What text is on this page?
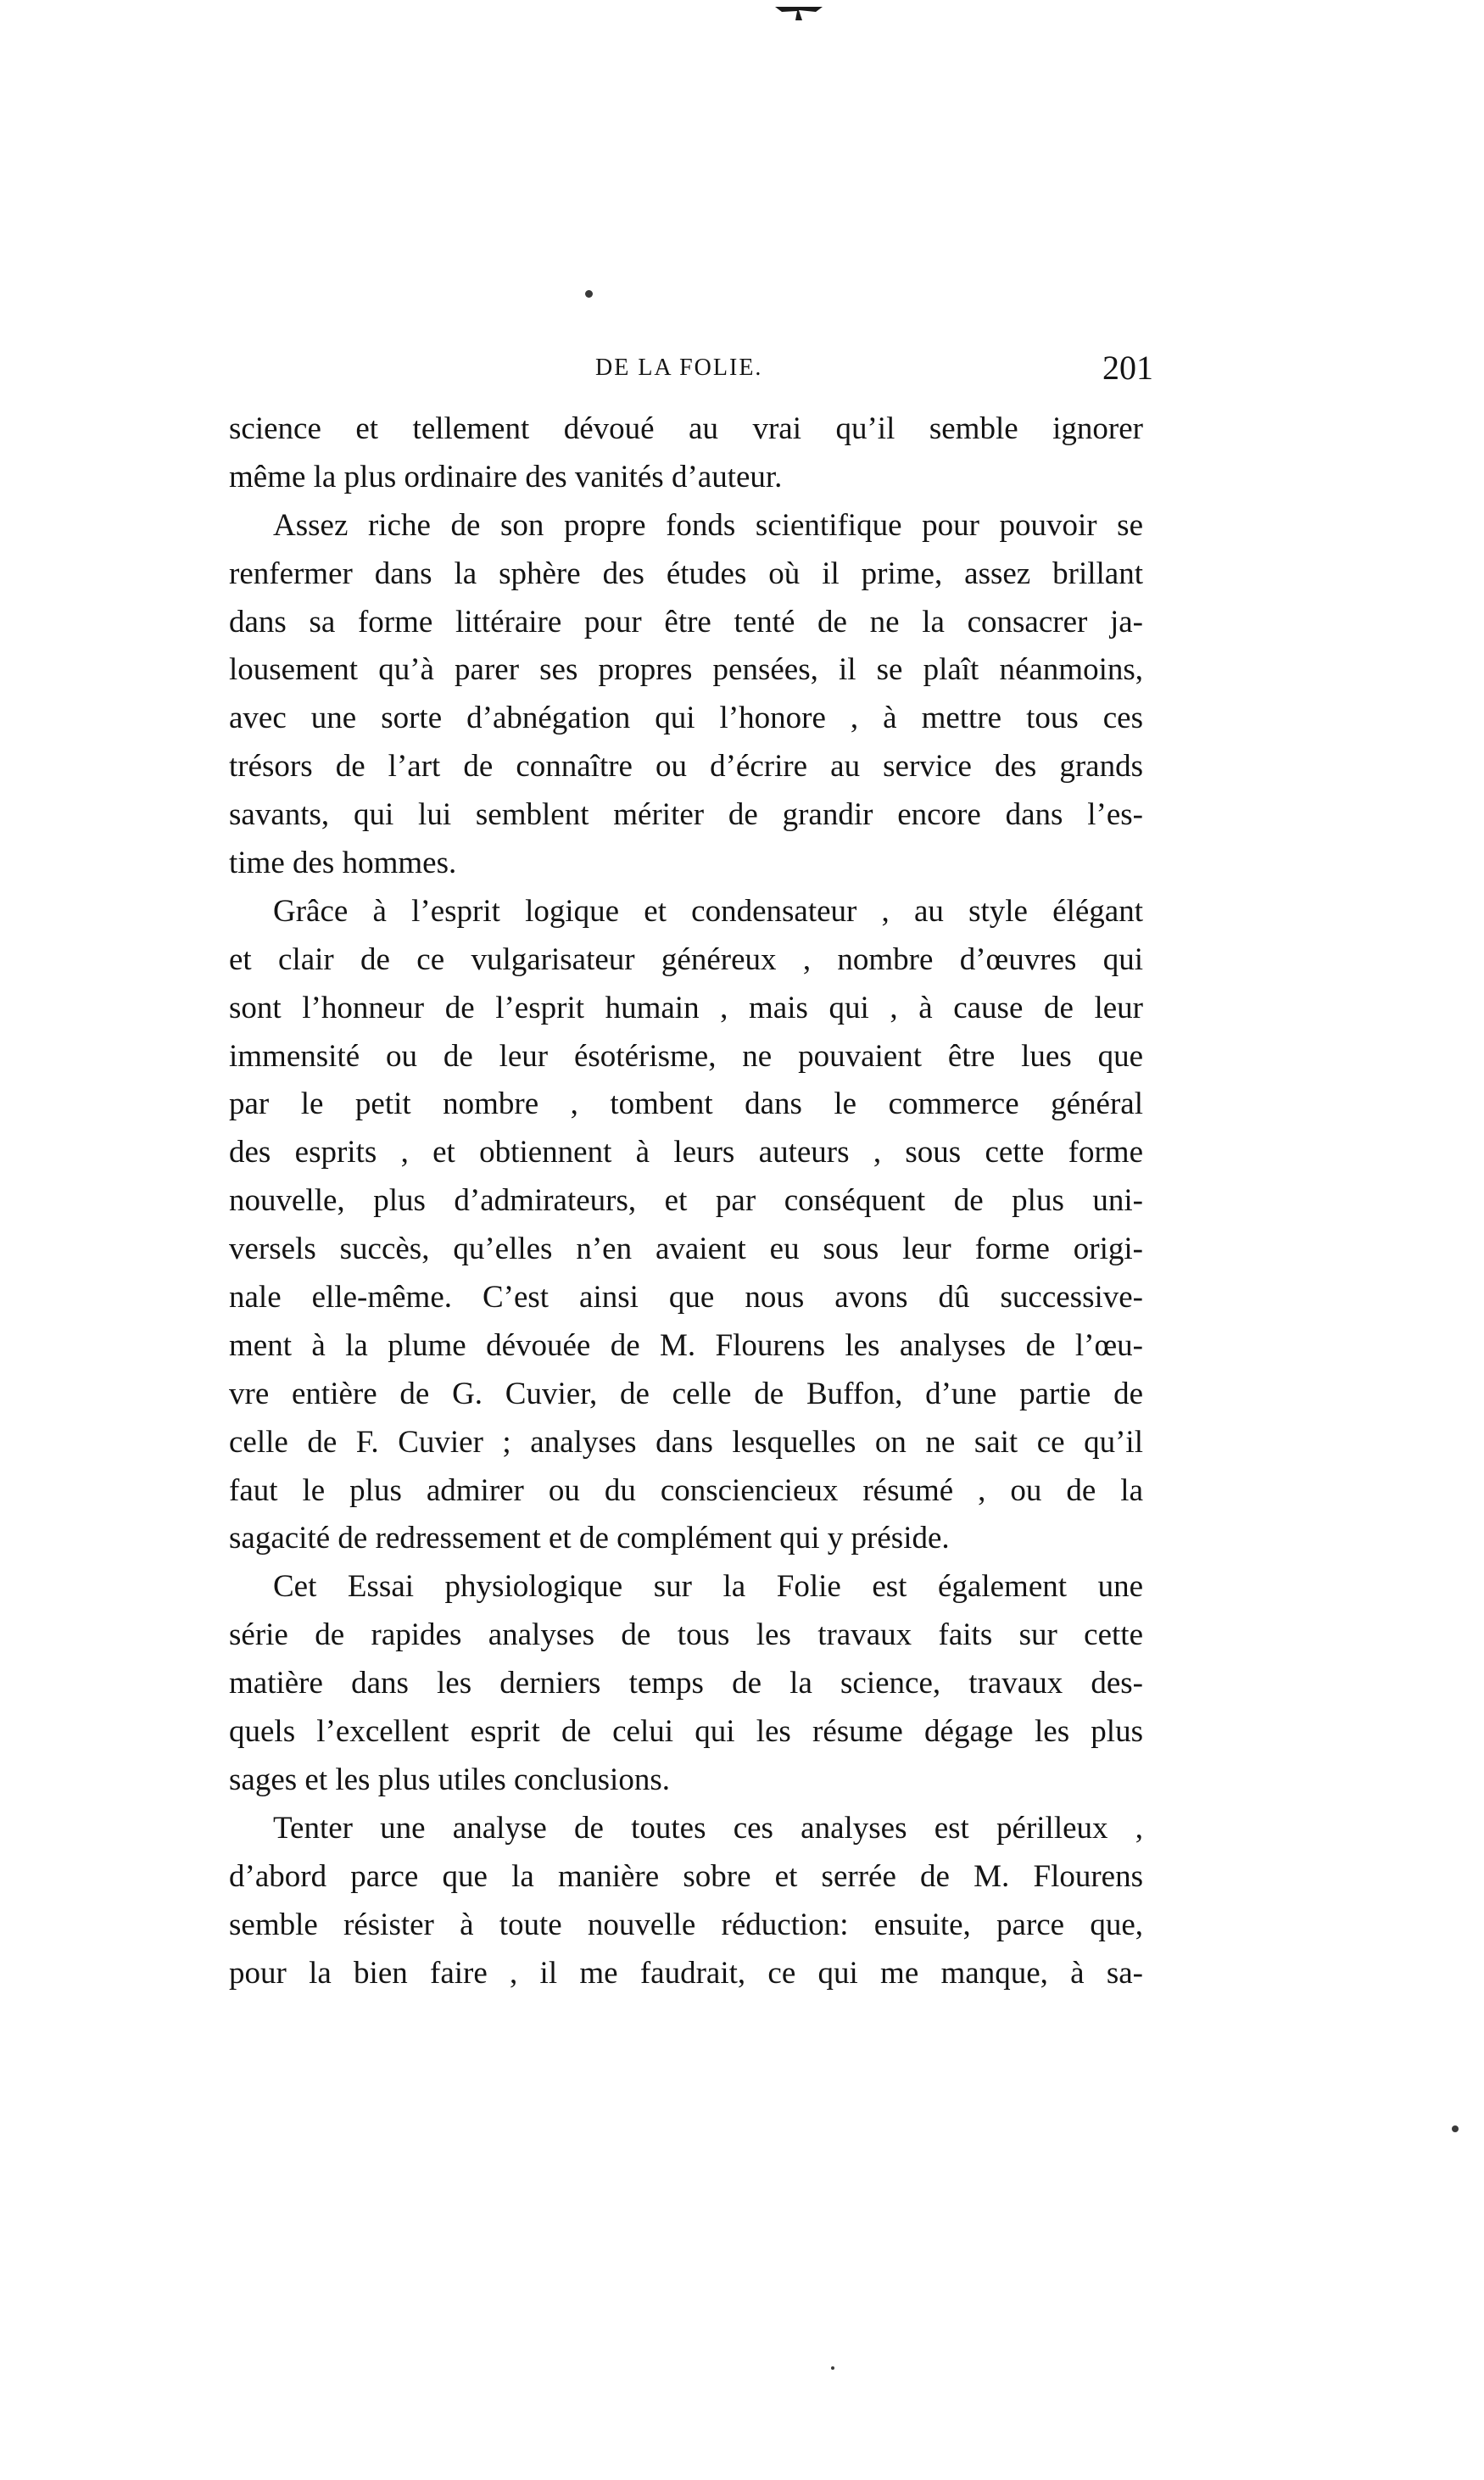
DE LA FOLIE.	201
science et tellement dévoué au vrai qu’il semble ignorer
même la plus ordinaire des vanités d’auteur.
Assez riche de son propre fonds scientifique pour pouvoir se
renfermer dans la sphère des études où il prime, assez brillant
dans sa forme littéraire pour être tenté de ne la consacrer ja-
lousement qu’à parer ses propres pensées, il se plaît néanmoins,
avec une sorte d’abnégation qui l’honore , à mettre tous ces
trésors de l’art de connaître ou d’écrire au service des grands
savants, qui lui semblent mériter de grandir encore dans l’es-
time des hommes.
Grâce à l’esprit logique et condensateur , au style élégant
et clair de ce vulgarisateur généreux , nombre d’œuvres qui
sont l’honneur de l’esprit humain , mais qui , à cause de leur
immensité ou de leur ésotérisme, ne pouvaient être lues que
par le petit nombre , tombent dans le commerce général
des esprits , et obtiennent à leurs auteurs , sous cette forme
nouvelle, plus d’admirateurs, et par conséquent de plus uni-
versels succès, qu’elles n’en avaient eu sous leur forme origi-
nale elle-même. C’est ainsi que nous avons dû successive-
ment à la plume dévouée de M. Flourens les analyses de l’œu-
vre entière de G. Cuvier, de celle de Buffon, d’une partie de
celle de F. Cuvier ; analyses dans lesquelles on ne sait ce qu’il
faut le plus admirer ou du consciencieux résumé , ou de la
sagacité de redressement et de complément qui y préside.
Cet Essai physiologique sur la Folie est également une
série de rapides analyses de tous les travaux faits sur cette
matière dans les derniers temps de la science, travaux des-
quels l’excellent esprit de celui qui les résume dégage les plus
sages et les plus utiles conclusions.
Tenter une analyse de toutes ces analyses est périlleux ,
d’abord parce que la manière sobre et serrée de M. Flourens
semble résister à toute nouvelle réduction: ensuite, parce que,
pour la bien faire , il me faudrait, ce qui me manque, à sa-
